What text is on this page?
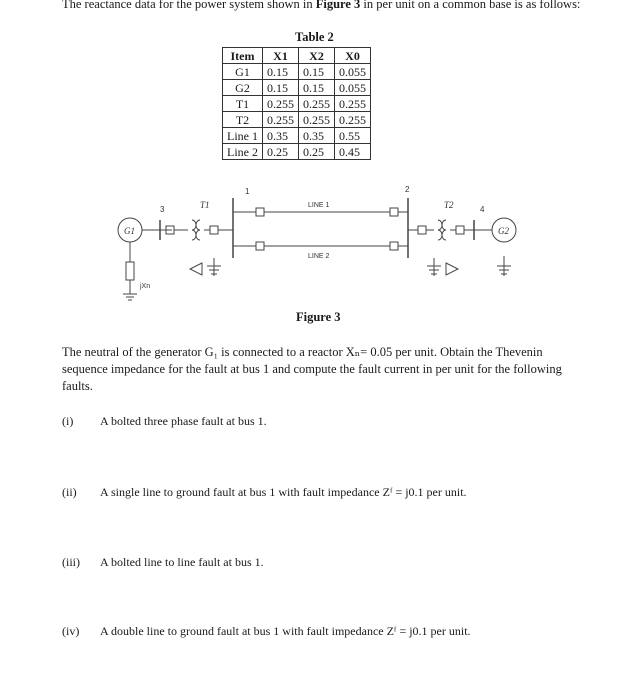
The reactance data for the power system shown in Figure 3 in per unit on a common base is as follows:
Table 2
Item	X1	X2	X0
G1	0.15	0.15	0.055
G2	0.15	0.15	0.055
T1	0.255	0.255	0.255
T2	0.255	0.255	0.255
Line 1	0.35	0.35	0.55
Line 2	0.25	0.25	0.45
G1
jXn
3	T1
1
LINE 1
LINE 2
2
T2	4
G2
Figure 3
The neutral of the generator G₁ is connected to a reactor Xₙ= 0.05 per unit. Obtain the Thevenin sequence impedance for the fault at bus 1 and compute the fault current in per unit for the following faults.
(i) A bolted three phase fault at bus 1.
(ii) A single line to ground fault at bus 1 with fault impedance Zᶠ = j0.1 per unit.
(iii) A bolted line to line fault at bus 1.
(iv) A double line to ground fault at bus 1 with fault impedance Zᶠ = j0.1 per unit.
